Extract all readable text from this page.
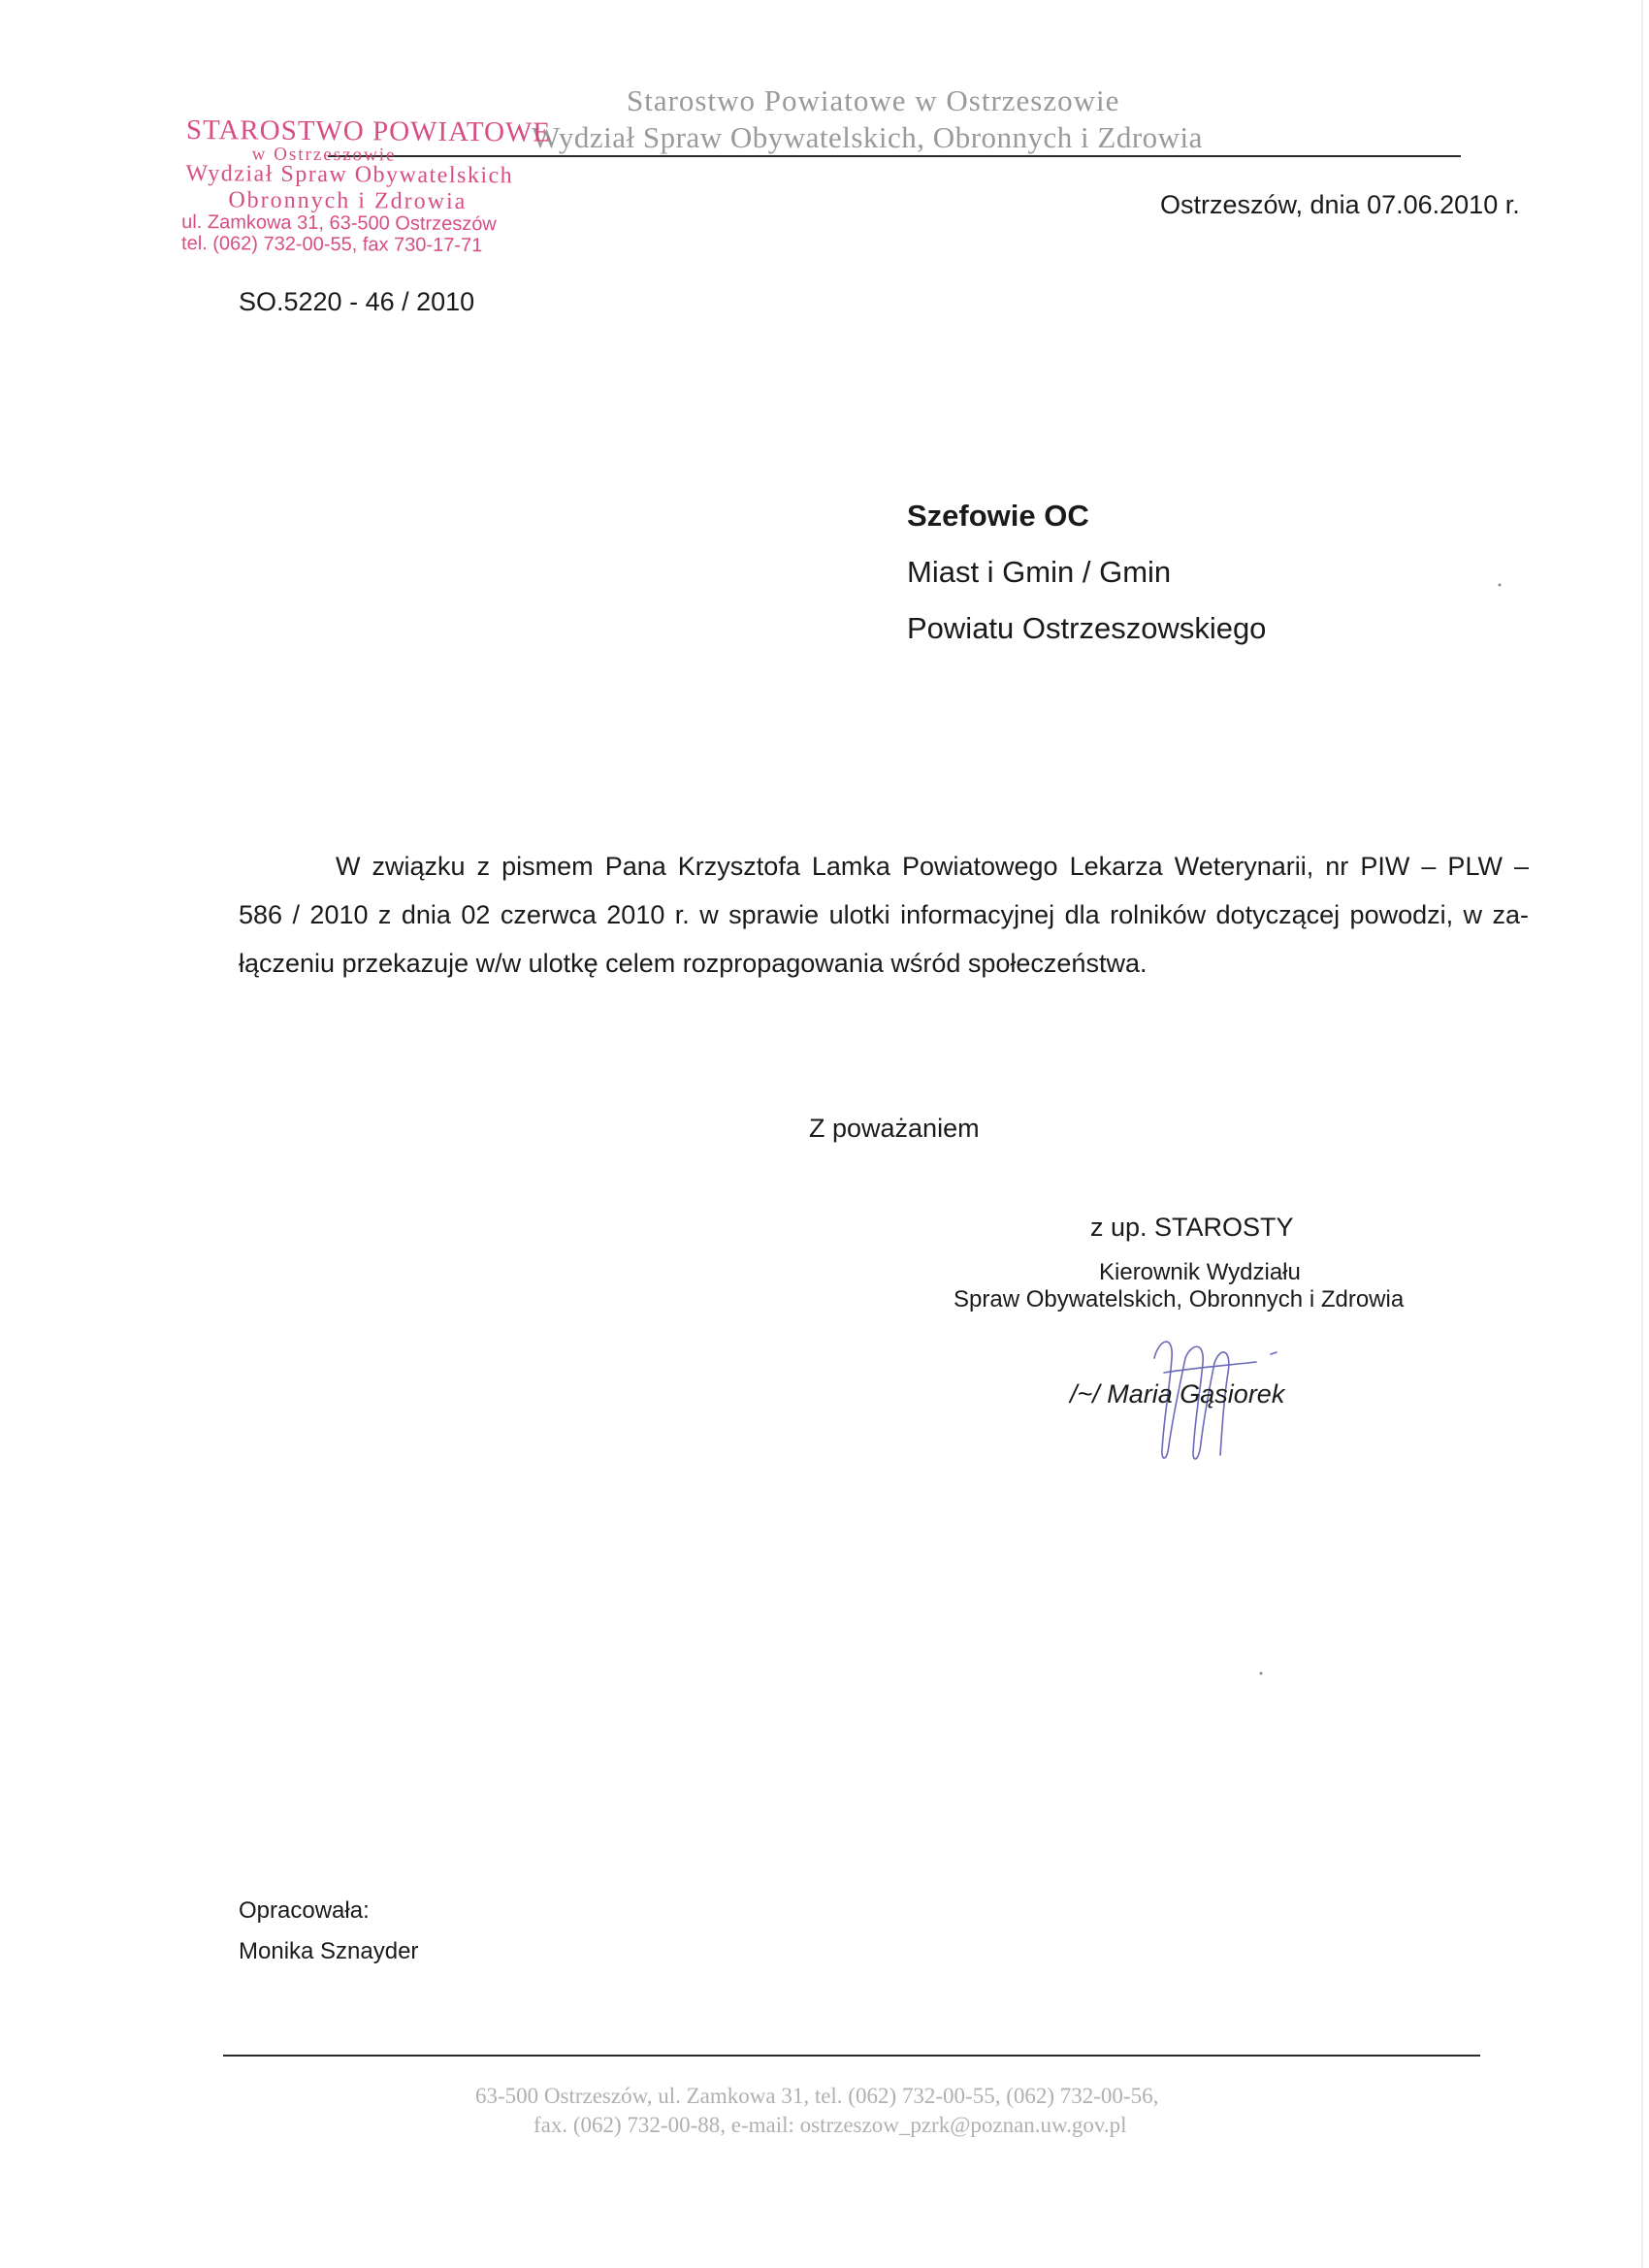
Starostwo Powiatowe w Ostrzeszowie
Wydział Spraw Obywatelskich, Obronnych i Zdrowia
STAROSTWO POWIATOWE
w Ostrzeszowie
Wydział Spraw Obywatelskich
Obronnych i Zdrowia
ul. Zamkowa 31, 63-500 Ostrzeszów
tel. (062) 732-00-55, fax 730-17-71
Ostrzeszów, dnia 07.06.2010 r.
SO.5220 - 46 / 2010
Szefowie OC
Miast i Gmin / Gmin
Powiatu Ostrzeszowskiego
W związku z pismem Pana Krzysztofa Lamka Powiatowego Lekarza Weterynarii, nr PIW – PLW –
586 / 2010 z dnia 02 czerwca 2010 r. w sprawie ulotki informacyjnej dla rolników dotyczącej powodzi, w za-
łączeniu przekazuje w/w ulotkę celem rozpropagowania wśród społeczeństwa.
Z poważaniem
z up. STAROSTY
Kierownik Wydziału
Spraw Obywatelskich, Obronnych i Zdrowia
/~/ Maria Gąsiorek
Opracowała:
Monika Sznayder
63-500 Ostrzeszów, ul. Zamkowa 31, tel. (062) 732-00-55, (062) 732-00-56,
fax. (062) 732-00-88, e-mail: ostrzeszow_pzrk@poznan.uw.gov.pl
